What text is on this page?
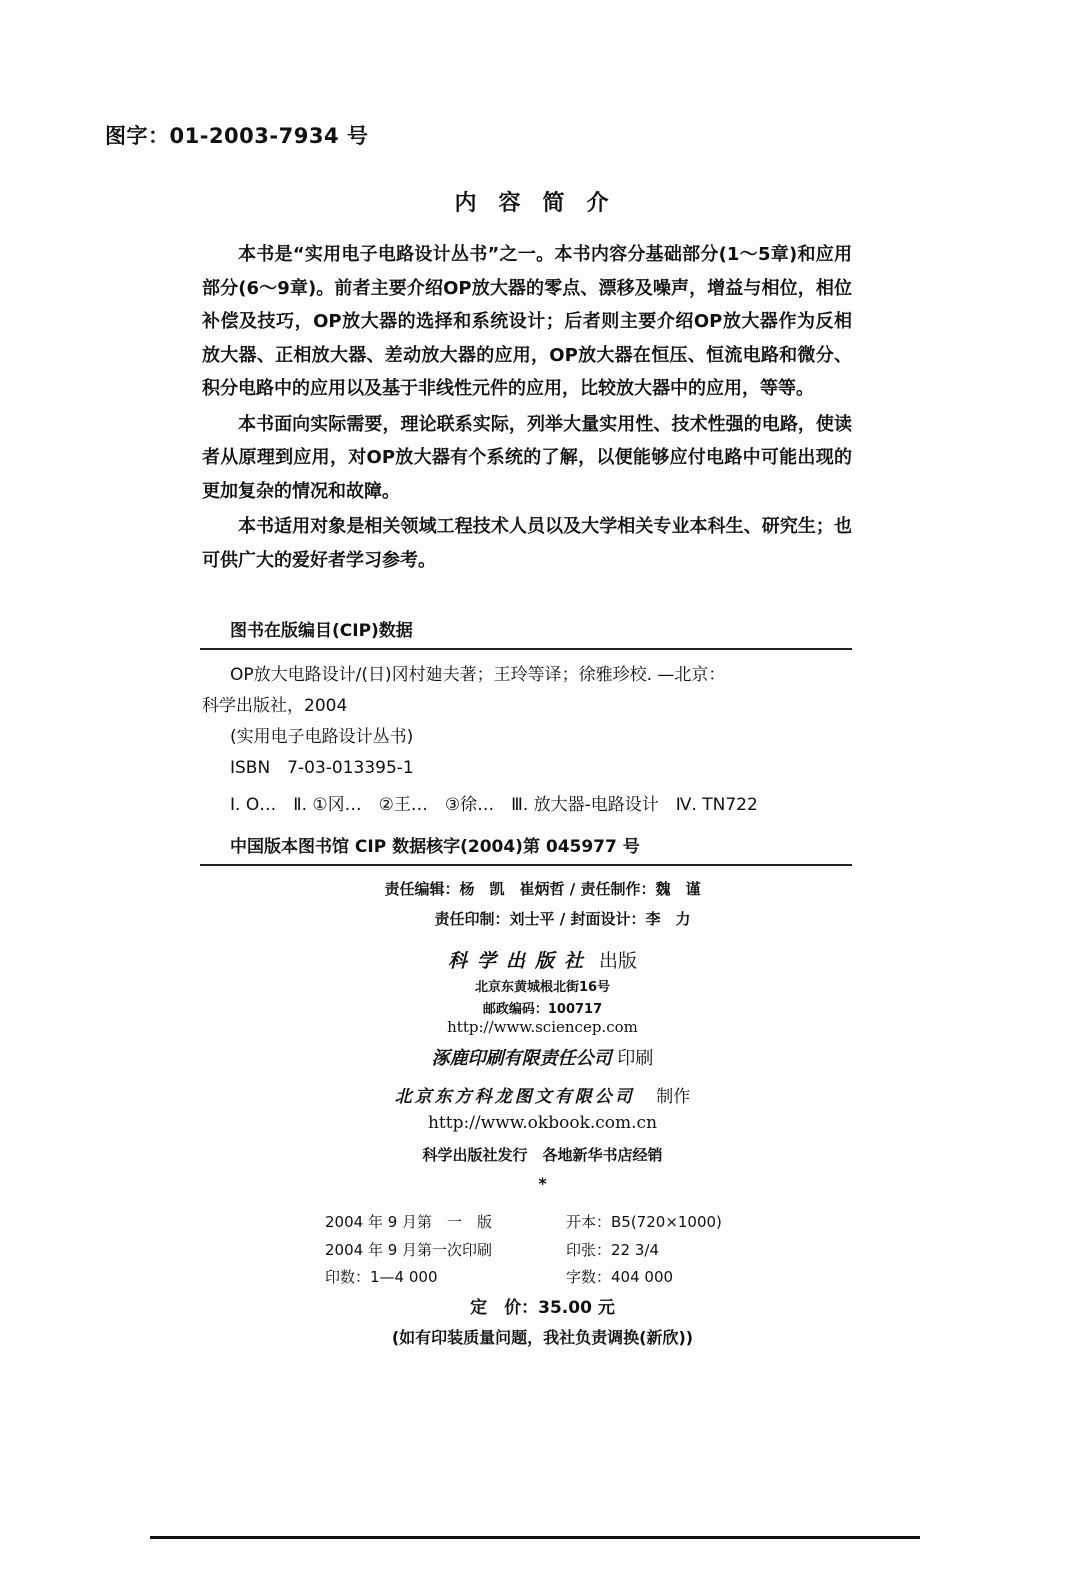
图字：01-2003-7934 号
内容简介

本书是“实用电子电路设计丛书”之一。本书内容分基础部分(1～5章)和应用部分(6～9章)。前者主要介绍OP放大器的零点、漂移及噪声，增益与相位，相位补偿及技巧，OP放大器的选择和系统设计；后者则主要介绍OP放大器作为反相放大器、正相放大器、差动放大器的应用，OP放大器在恒压、恒流电路和微分、积分电路中的应用以及基于非线性元件的应用，比较放大器中的应用，等等。

本书面向实际需要，理论联系实际，列举大量实用性、技术性强的电路，使读者从原理到应用，对OP放大器有个系统的了解，以便能够应付电路中可能出现的更加复杂的情况和故障。

本书适用对象是相关领域工程技术人员以及大学相关专业本科生、研究生；也可供广大的爱好者学习参考。

图书在版编目(CIP)数据
OP放大电路设计/(日)冈村廸夫著；王玲等译；徐雅珍校. —北京：
科学出版社，2004
(实用电子电路设计丛书)
ISBN　7-03-013395-1
Ⅰ. O…　Ⅱ. ①冈…　②王…　③徐…　Ⅲ. 放大器-电路设计　Ⅳ. TN722
中国版本图书馆 CIP 数据核字(2004)第 045977 号
责任编辑：杨　凯　崔炳哲 / 责任制作：魏　谨
责任印制：刘士平 / 封面设计：李　力
科学出版社 出版
北京东黄城根北街16号
邮政编码：100717
http://www.sciencep.com
涿鹿印刷有限责任公司 印刷
北京东方科龙图文有限公司 制作
http://www.okbook.com.cn
科学出版社发行　各地新华书店经销
*
2004 年 9 月第　一　版	开本：B5(720×1000)
2004 年 9 月第一次印刷	印张：22 3/4
印数：1—4 000	字数：404 000
定　价：35.00 元
(如有印装质量问题，我社负责调换(新欣))
